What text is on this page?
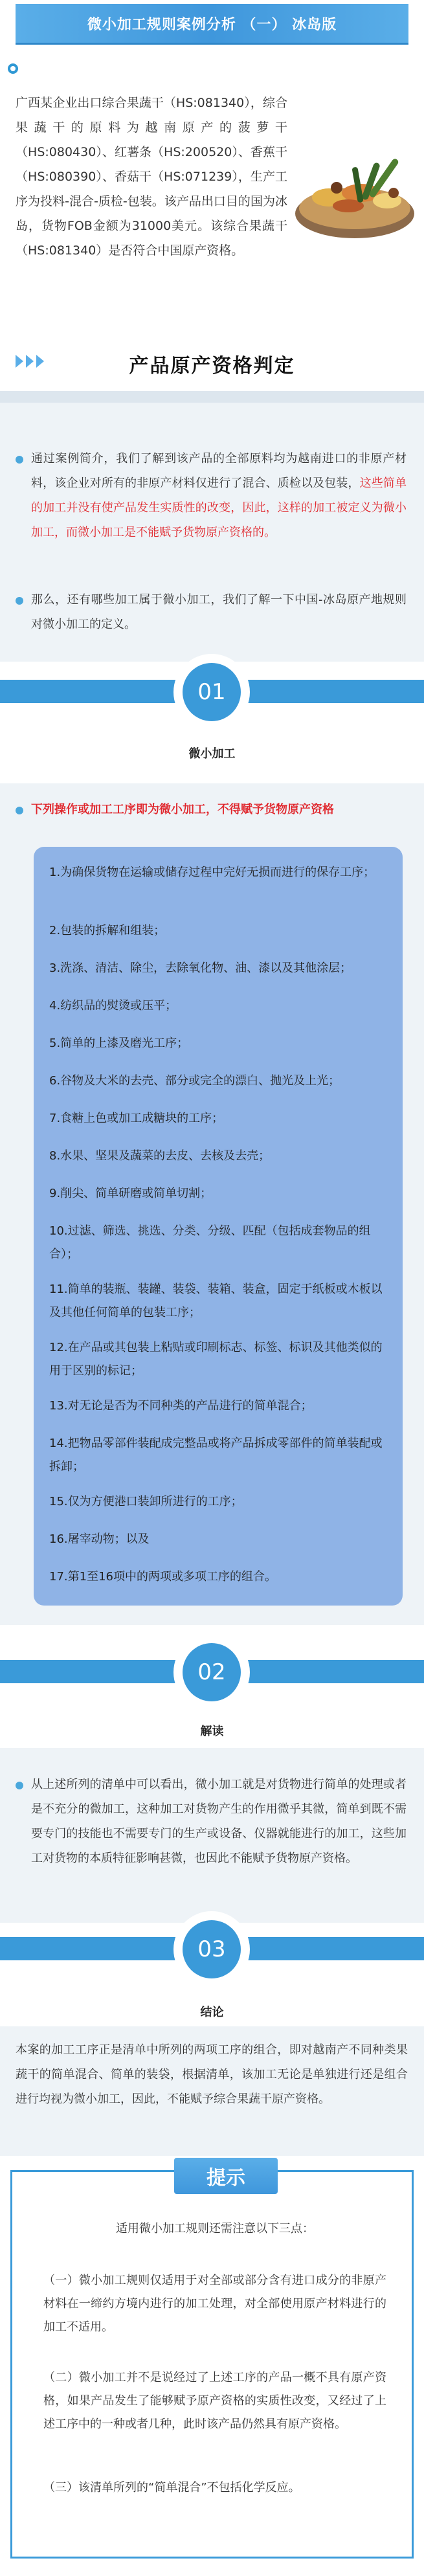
微小加工规则案例分析 （一） 冰岛版

广西某企业出口综合果蔬干（HS:081340），综合果蔬干的原料为越南原产的菠萝干（HS:080430）、红薯条（HS:200520）、香蕉干（HS:080390）、香菇干（HS:071239），生产工序为投料-混合-质检-包装。该产品出口目的国为冰岛，货物FOB金额为31000美元。该综合果蔬干（HS:081340）是否符合中国原产资格。

产品原产资格判定

通过案例简介，我们了解到该产品的全部原料均为越南进口的非原产材料，该企业对所有的非原产材料仅进行了混合、质检以及包装，这些简单的加工并没有使产品发生实质性的改变，因此，这样的加工被定义为微小加工，而微小加工是不能赋予货物原产资格的。

那么，还有哪些加工属于微小加工，我们了解一下中国-冰岛原产地规则对微小加工的定义。

01
微小加工

下列操作或加工工序即为微小加工，不得赋予货物原产资格

1.为确保货物在运输或储存过程中完好无损而进行的保存工序；
2.包装的拆解和组装；
3.洗涤、清洁、除尘，去除氧化物、油、漆以及其他涂层；
4.纺织品的熨烫或压平；
5.简单的上漆及磨光工序；
6.谷物及大米的去壳、部分或完全的漂白、抛光及上光；
7.食糖上色或加工成糖块的工序；
8.水果、坚果及蔬菜的去皮、去核及去壳；
9.削尖、简单研磨或简单切割；
10.过滤、筛选、挑选、分类、分级、匹配（包括成套物品的组合）；
11.简单的装瓶、装罐、装袋、装箱、装盒，固定于纸板或木板以及其他任何简单的包装工序；
12.在产品或其包装上粘贴或印刷标志、标签、标识及其他类似的用于区别的标记；
13.对无论是否为不同种类的产品进行的简单混合；
14.把物品零部件装配成完整品或将产品拆成零部件的简单装配或拆卸；
15.仅为方便港口装卸所进行的工序；
16.屠宰动物；以及
17.第1至16项中的两项或多项工序的组合。
02
解读

从上述所列的清单中可以看出，微小加工就是对货物进行简单的处理或者是不充分的微加工，这种加工对货物产生的作用微乎其微，简单到既不需要专门的技能也不需要专门的生产或设备、仪器就能进行的加工，这些加工对货物的本质特征影响甚微，也因此不能赋予货物原产资格。

03
结论

本案的加工工序正是清单中所列的两项工序的组合，即对越南产不同种类果蔬干的简单混合、简单的装袋，根据清单，该加工无论是单独进行还是组合进行均视为微小加工，因此，不能赋予综合果蔬干原产资格。

提示

适用微小加工规则还需注意以下三点：

（一）微小加工规则仅适用于对全部或部分含有进口成分的非原产材料在一缔约方境内进行的加工处理，对全部使用原产材料进行的加工不适用。

（二）微小加工并不是说经过了上述工序的产品一概不具有原产资格，如果产品发生了能够赋予原产资格的实质性改变，又经过了上述工序中的一种或者几种，此时该产品仍然具有原产资格。

（三）该清单所列的“简单混合”不包括化学反应。
